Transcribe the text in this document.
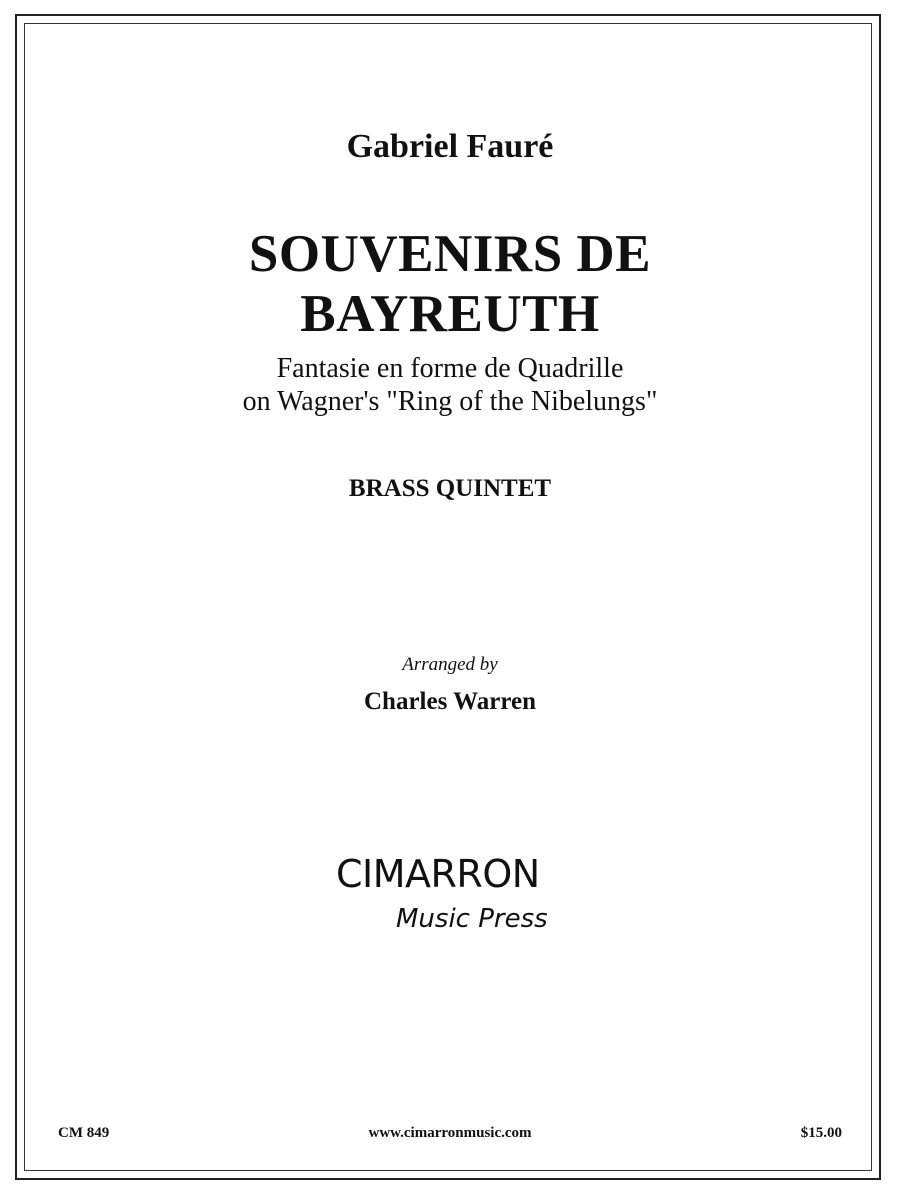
Gabriel Fauré

SOUVENIRS DE
BAYREUTH
Fantasie en forme de Quadrille
on Wagner's "Ring of the Nibelungs"

BRASS QUINTET

Arranged by

Charles Warren

CIMARRON
Music Press
CM 849	www.cimarronmusic.com	$15.00
